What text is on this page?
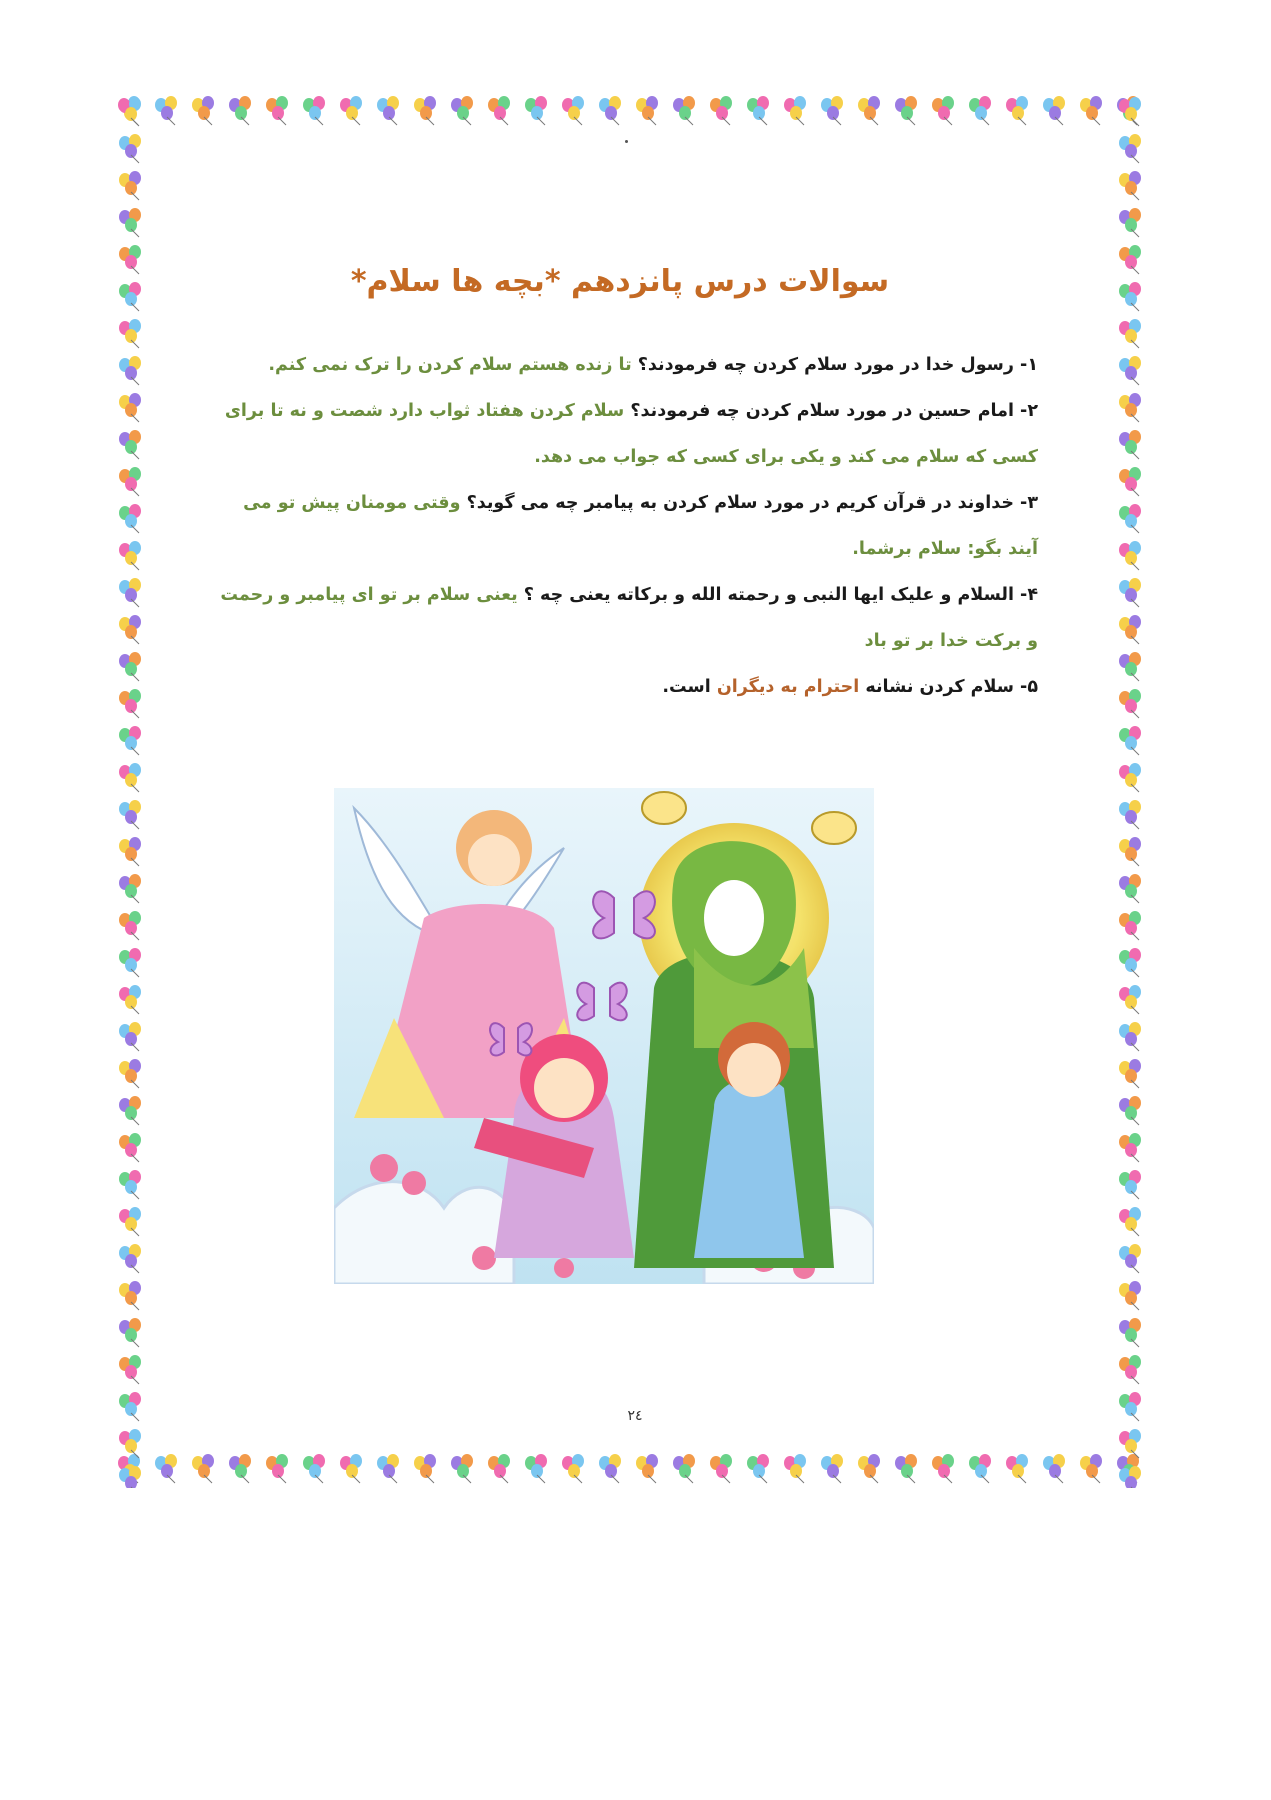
سوالات درس پانزدهم *بچه ها سلام*

۱- رسول خدا در مورد سلام کردن چه فرمودند؟ تا زنده هستم سلام کردن را ترک نمی کنم.

۲- امام حسین در مورد سلام کردن چه فرمودند؟ سلام کردن هفتاد ثواب دارد شصت و نه تا برای کسی که سلام می کند و یکی برای کسی که جواب می دهد.

۳- خداوند در قرآن کریم در مورد سلام کردن به پیامبر چه می گوید؟ وقتی مومنان پیش تو می آیند بگو: سلام برشما.

۴- السلام و علیک ایها النبی و رحمته الله و برکاته یعنی چه ؟ یعنی سلام بر تو ای پیامبر و رحمت و برکت خدا بر تو باد

۵- سلام کردن نشانه احترام به دیگران است.

۲٤
